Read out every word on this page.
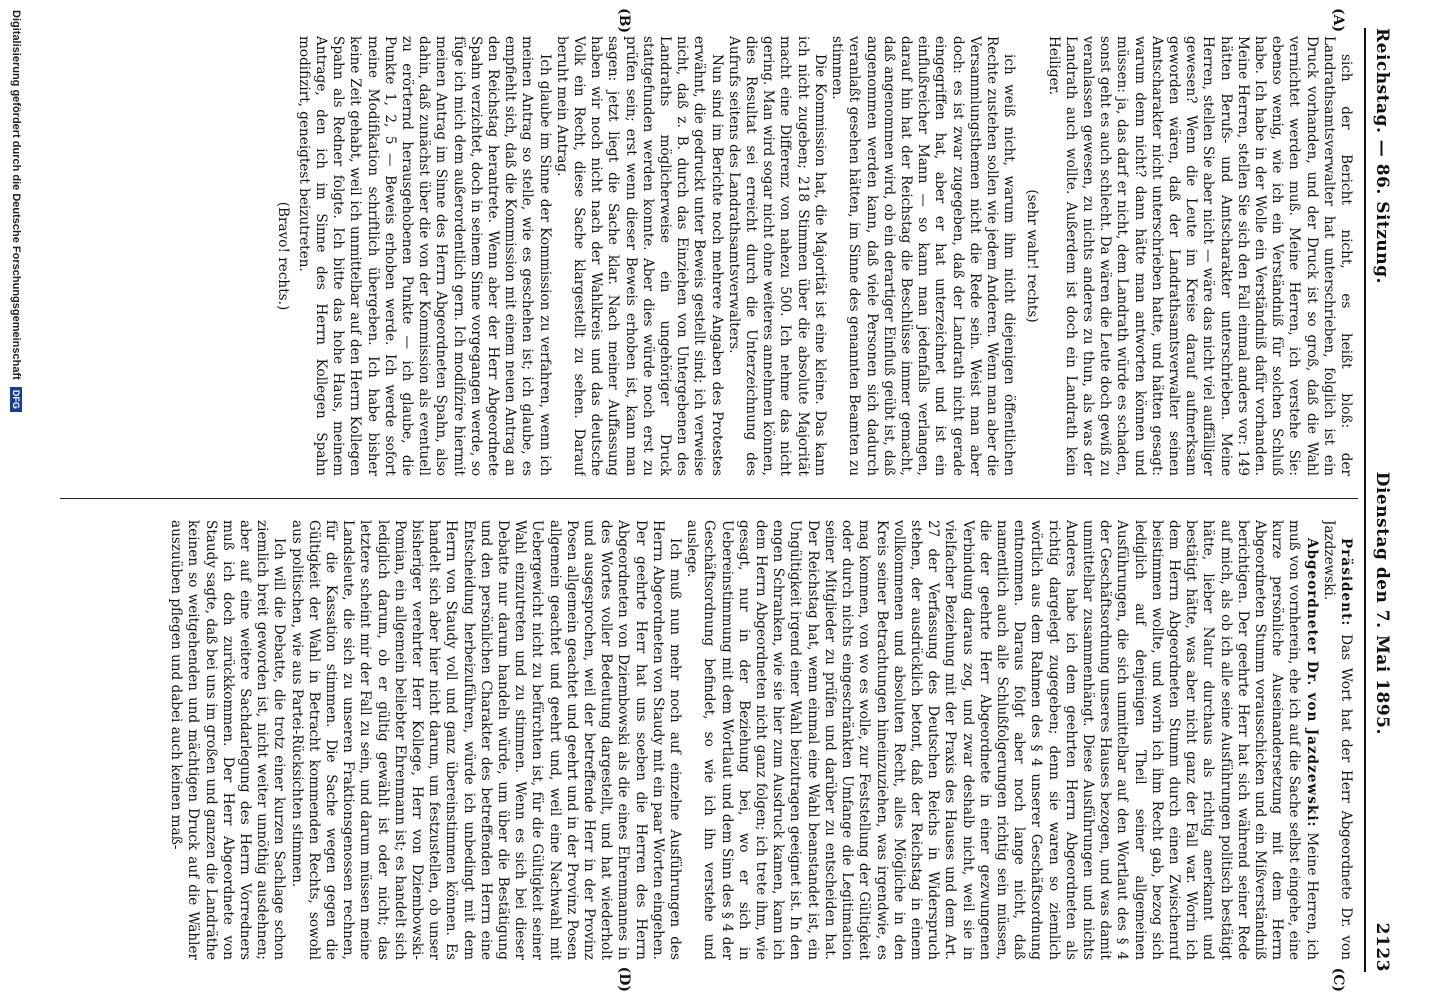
Reichstag. — 86. Sitzung.
Dienstag den 7. Mai 1895.
2123
(A)
(B)
(C)
(D)

sich der Bericht nicht, es heißt bloß: der Landrathsamtsverwalter hat unterschrieben, folglich ist ein Druck vorhanden, und der Druck ist so groß, daß die Wahl vernichtet werden muß. Meine Herren, ich verstehe Sie: ebenso wenig, wie ich ein Verständniß für solchen Schluß habe. Ich habe in der Wolle ein Verständniß dafür vorhanden. Meine Herren, stellen Sie sich den Fall einmal anders vor: 149 hätten Berufs- und Amtscharakter unterschrieben. Meine Herren, stellen Sie aber nicht — wäre das nicht viel auffälliger gewesen? Wenn die Leute im Kreise darauf aufmerksam geworden wären, daß der Landrathsamtsverwalter seinen Amtscharakter nicht unterschrieben hatte, und hätten gesagt: warum denn nicht? dann hätte man antworten können und müssen: ja, das darf er nicht, dem Landrath würde es schaden, sonst geht es auch schlecht. Da wären die Leute doch gewiß zu veranlassen gewesen, zu nichts anderes zu thun, als was der Landrath auch wollte. Außerdem ist doch ein Landrath kein Heiliger.

(sehr wahr! rechts)

ich weiß nicht, warum ihm nicht diejenigen öffentlichen Rechte zustehen sollen wie jedem Anderen. Wenn man aber die Versammlungsthemen nicht die Rede sein. Weist man aber doch: es ist zwar zugegeben, daß der Landrath nicht gerade eingegriffen hat, aber er hat unterzeichnet und ist ein einflußreicher Mann — so kann man jedenfalls verlangen, darauf hin hat der Reichstag die Beschlüsse immer gemacht, daß angenommen wird, ob ein derartiger Einfluß geübt ist, daß angenommen werden kann, daß viele Personen sich dadurch veranlaßt gesehen hätten, im Sinne des genannten Beamten zu stimmen.

Die Kommission hat, die Majorität ist eine kleine. Das kann ich nicht zugeben; 218 Stimmen über die absolute Majorität macht eine Differenz von nahezu 500. Ich nehme das nicht gering. Man wird sogar nicht ohne weiteres annehmen können, dies Resultat sei erreicht durch die Unterzeichnung des Aufrufs seitens des Landrathsamtsverwalters.

Nun sind im Berichte noch mehrere Angaben des Protestes erwähnt, die gedruckt unter Beweis gestellt sind; ich verweise nicht, daß z. B. durch das Einziehen von Untergebenen des Landraths möglicherweise ein ungehöriger Druck stattgefunden werden konnte. Aber dies würde noch erst zu prüfen sein; erst wenn dieser Beweis erhoben ist, kann man sagen: jetzt liegt die Sache klar. Nach meiner Auffassung haben wir noch nicht nach der Wahlkreis und das deutsche Volk ein Recht, diese Sache klargestellt zu sehen. Darauf beruht mein Antrag.

Ich glaube im Sinne der Kommission zu verfahren, wenn ich meinen Antrag so stelle, wie es geschehen ist; ich glaube, es empfiehlt sich, daß die Kommission mit einem neuen Antrag an den Reichstag herantrete. Wenn aber der Herr Abgeordnete Spahn verzichtet, doch in seinem Sinne vorgegangen werde, so füge ich mich dem außerordentlich gern. Ich modifizire hiermit meinen Antrag im Sinne des Herrn Abgeordneten Spahn, also dahin, daß zunächst über die von der Kommission als eventuell zu erörternd herausgehobenen Punkte — ich glaube, die Punkte 1, 2, 5 — Beweis erhoben werde. Ich werde sofort meine Modifikation schriftlich übergeben. Ich habe bisher keine Zeit gehabt, weil ich unmittelbar auf den Herrn Kollegen Spahn als Redner folgte. Ich bitte das hohe Haus, meinem Antrage, den ich im Sinne des Herrn Kollegen Spahn modifizirt, geneigtest beizutreten.

(Bravo! rechts.)

Präsident: Das Wort hat der Herr Abgeordnete Dr. von Jazdzewski.

Abgeordneter Dr. von Jazdzewski: Meine Herren, ich muß von vornherein, ehe ich auf die Sache selbst eingehe, eine kurze persönliche Auseinandersetzung mit dem Herrn Abgeordneten Stumm vorausschicken und ein Mißverständniß berichtigen. Der geehrte Herr hat sich während seiner Rede auf mich, als ob ich alle seine Ausführungen politisch bestätigt hätte, lieber Natur durchaus als richtig anerkannt und bestätigt hätte, was aber nicht ganz der Fall war. Worin ich dem Herrn Abgeordneten Stumm durch einen Zwischenruf beistimmen wollte, und worin ich ihm Recht gab, bezog sich lediglich auf denjenigen Theil seiner allgemeinen Ausführungen, die sich unmittelbar auf den Wortlaut des § 4 der Geschäftsordnung unseres Hauses bezogen, und was damit unmittelbar zusammenhängt. Diese Ausführungen und nichts Anderes habe ich dem geehrten Herrn Abgeordneten als richtig dargelegt zugegeben; denn sie waren so ziemlich wörtlich aus dem Rahmen des § 4 unserer Geschäftsordnung entnommen. Daraus folgt aber noch lange nicht, daß namentlich auch alle Schlußfolgerungen richtig sein müssen, die der geehrte Herr Abgeordnete in einer gezwungenen Verbindung daraus zog, und zwar deshalb nicht, weil sie in vielfacher Beziehung mit der Praxis des Hauses und dem Art. 27 der Verfassung des Deutschen Reichs in Widerspruch stehen, der ausdrücklich betont, daß der Reichstag in einem vollkommenen und absoluten Recht, alles Mögliche in den Kreis seiner Betrachtungen hineinzuziehen, was irgendwie, es mag kommen, von wo es wolle, zur Feststellung der Gültigkeit oder durch nichts eingeschränkten Umfange die Legitimation seiner Mitglieder zu prüfen und darüber zu entscheiden hat. Der Reichstag hat, wenn einmal eine Wahl beanstandet ist, ein Ungültigkeit irgend einer Wahl beizutragen geeignet ist. In den engen Schranken, wie sie hier zum Ausdruck kamen, kann ich dem Herrn Abgeordneten nicht ganz folgen; ich trete ihm, wie gesagt, nur in der Beziehung bei, wo er sich in Uebereinstimmung mit dem Wortlaut und dem Sinn des § 4 der Geschäftsordnung befindet, so wie ich ihn verstehe und auslege.

Ich muß nun mehr noch auf einzelne Ausführungen des Herrn Abgeordneten von Staudy mit ein paar Worten eingehen. Der geehrte Herr hat uns soeben die Herren des Herrn Abgeordneten von Dziembowski als die eines Ehrenmannes in des Wortes voller Bedeutung dargestellt, und hat wiederholt und ausgesprochen, weil der betreffende Herr in der Provinz Posen allgemein geachtet und geehrt und in der Provinz Posen allgemein geachtet und geehrt und, weil eine Nachwahl mit Uebergewicht nicht zu befürchten ist, für die Gültigkeit seiner Wahl einzutreten und zu stimmen. Wenn es sich bei dieser Debatte nur darum handeln würde, um über die Bestätigung und den persönlichen Charakter des betreffenden Herrn eine Entscheidung herbeizuführen, würde ich unbedingt mit dem Herrn von Staudy voll und ganz übereinstimmen können. Es handelt sich aber hier nicht darum, um festzustellen, ob unser bisheriger verehrter Herr Kollege, Herr von Dziembowski-Pomian, ein allgemein beliebter Ehrenmann ist; es handelt sich lediglich darum, ob er gültig gewählt ist oder nicht; das letztere scheint mir der Fall zu sein, und darum müssen meine Landsleute, die sich zu unseren Fraktionsgenossen rechnen, für die Kassation stimmen. Die Sache wegen gegen die Gültigkeit der Wahl in Betracht kommenden Rechts, sowohl aus politischen, wie aus Partei-Rücksichten stimmen.

Ich will die Debatte, die trotz einer kurzen Sachlage schon ziemlich breit geworden ist, nicht weiter unnöthig ausdehnen; aber auf eine weitere Sachdarlegung des Herrn Vorredners muß ich doch zurückkommen. Der Herr Abgeordnete von Staudy sagte, daß bei uns im großen und ganzen die Landräthe keinen so weitgehenden und mächtigen Druck auf die Wähler auszuüben pflegen und dabei auch keinen maß-

Digitalisierung gefördert durch die Deutsche Forschungsgemeinschaft DFG
